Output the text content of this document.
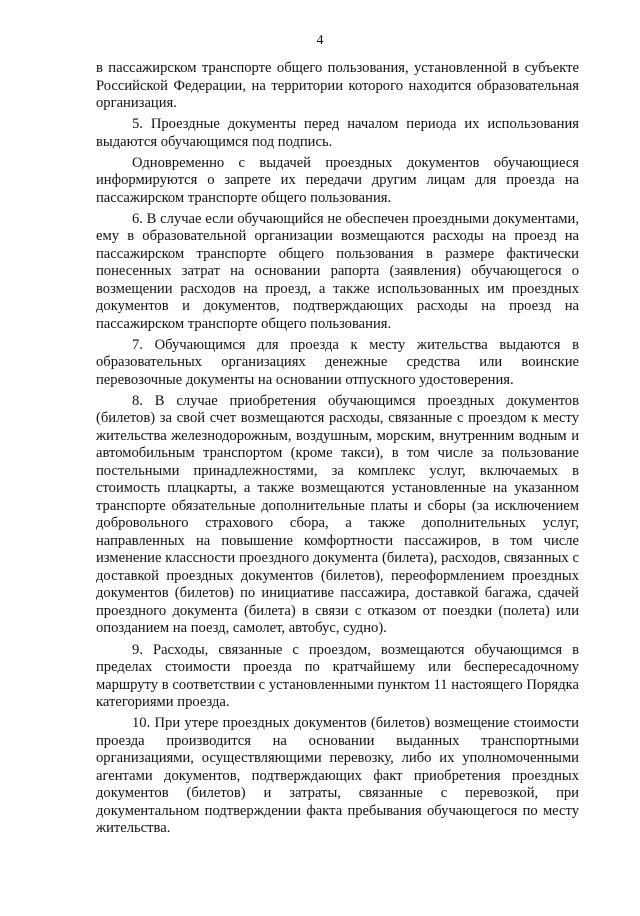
4

в пассажирском транспорте общего пользования, установленной в субъекте Российской Федерации, на территории которого находится образовательная организация.

5. Проездные документы перед началом периода их использования выдаются обучающимся под подпись.

Одновременно с выдачей проездных документов обучающиеся информируются о запрете их передачи другим лицам для проезда на пассажирском транспорте общего пользования.

6. В случае если обучающийся не обеспечен проездными документами, ему в образовательной организации возмещаются расходы на проезд на пассажирском транспорте общего пользования в размере фактически понесенных затрат на основании рапорта (заявления) обучающегося о возмещении расходов на проезд, а также использованных им проездных документов и документов, подтверждающих расходы на проезд на пассажирском транспорте общего пользования.

7. Обучающимся для проезда к месту жительства выдаются в образовательных организациях денежные средства или воинские перевозочные документы на основании отпускного удостоверения.

8. В случае приобретения обучающимся проездных документов (билетов) за свой счет возмещаются расходы, связанные с проездом к месту жительства железнодорожным, воздушным, морским, внутренним водным и автомобильным транспортом (кроме такси), в том числе за пользование постельными принадлежностями, за комплекс услуг, включаемых в стоимость плацкарты, а также возмещаются установленные на указанном транспорте обязательные дополнительные платы и сборы (за исключением добровольного страхового сбора, а также дополнительных услуг, направленных на повышение комфортности пассажиров, в том числе изменение классности проездного документа (билета), расходов, связанных с доставкой проездных документов (билетов), переоформлением проездных документов (билетов) по инициативе пассажира, доставкой багажа, сдачей проездного документа (билета) в связи с отказом от поездки (полета) или опозданием на поезд, самолет, автобус, судно).

9. Расходы, связанные с проездом, возмещаются обучающимся в пределах стоимости проезда по кратчайшему или беспересадочному маршруту в соответствии с установленными пунктом 11 настоящего Порядка категориями проезда.

10. При утере проездных документов (билетов) возмещение стоимости проезда производится на основании выданных транспортными организациями, осуществляющими перевозку, либо их уполномоченными агентами документов, подтверждающих факт приобретения проездных документов (билетов) и затраты, связанные с перевозкой, при документальном подтверждении факта пребывания обучающегося по месту жительства.
